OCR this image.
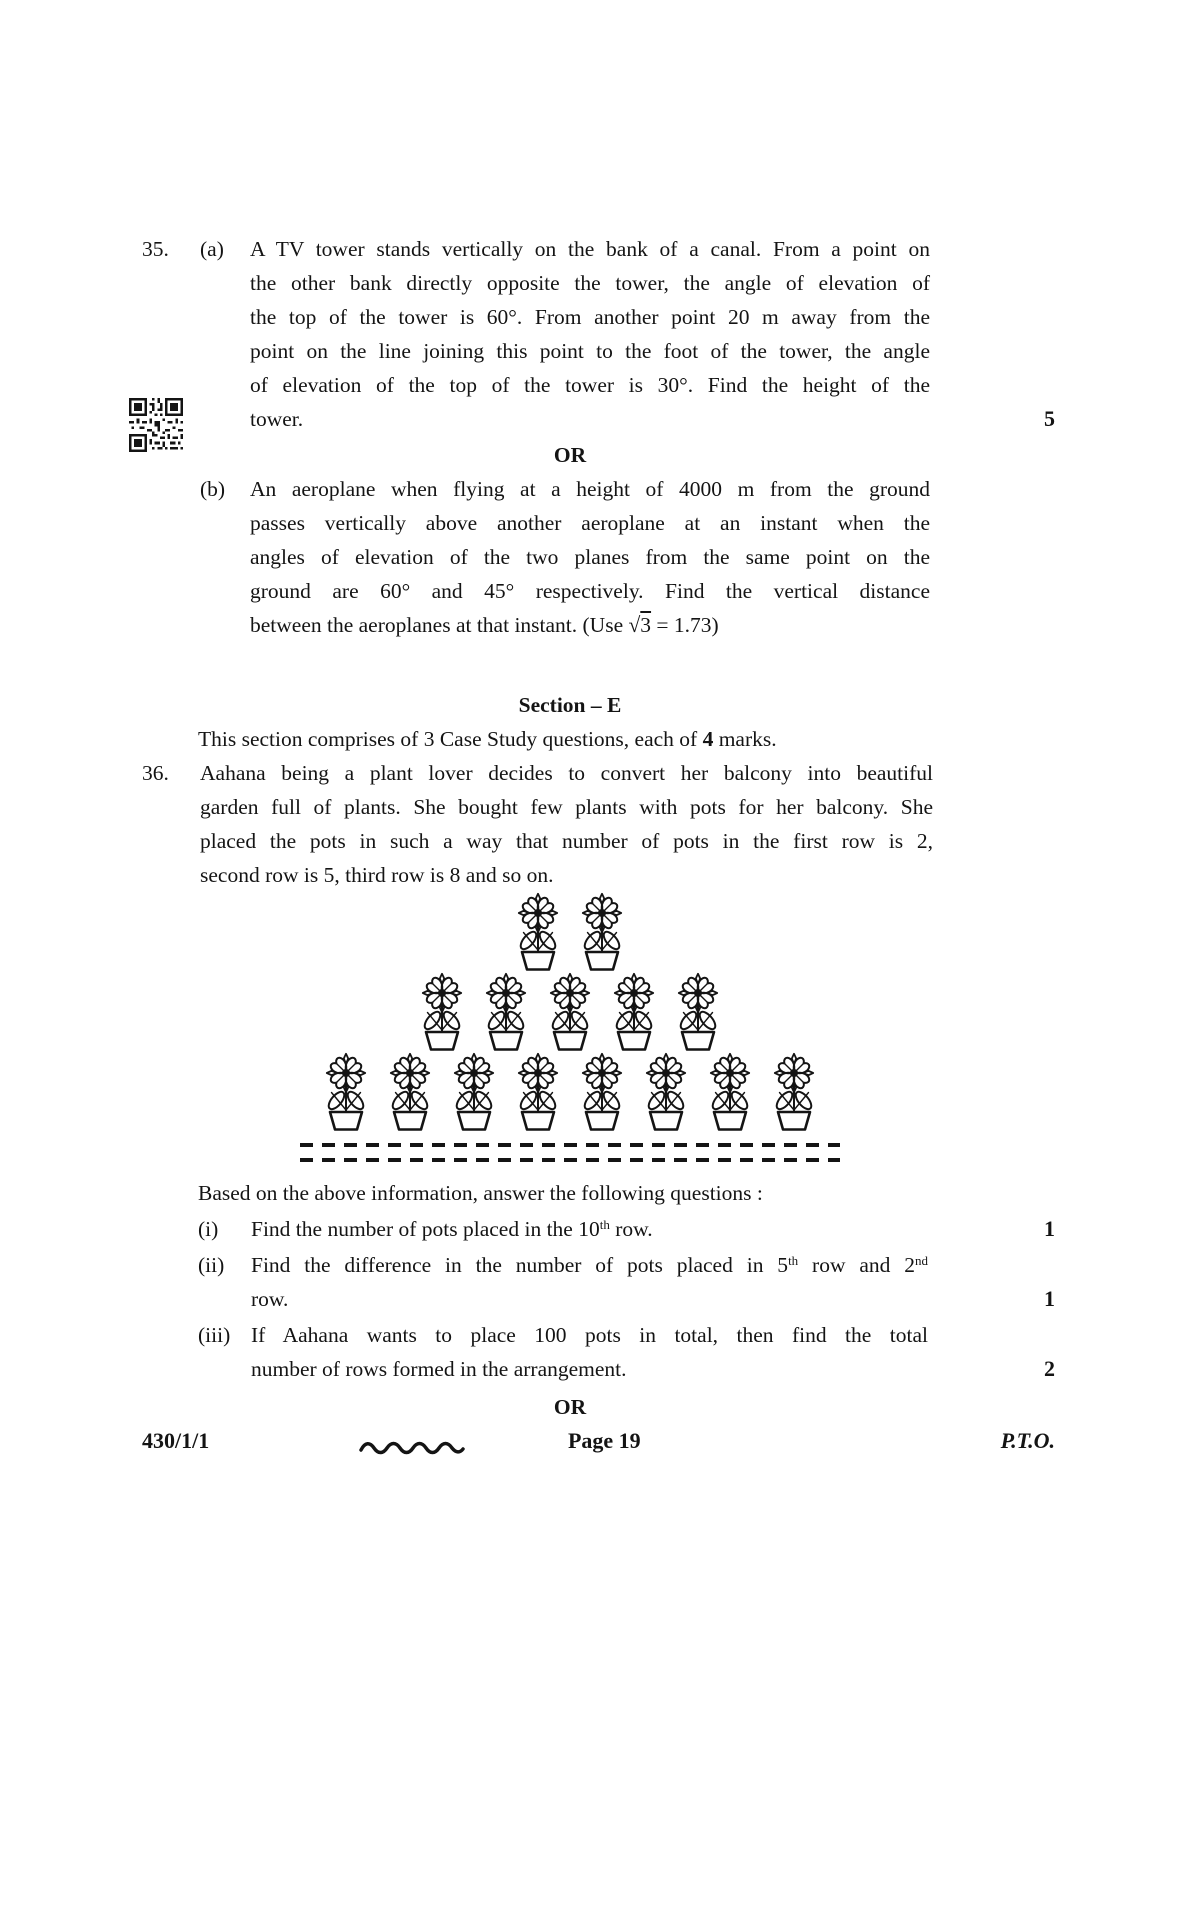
35.	(a)	A TV tower stands vertically on the bank of a canal. From a point on
the other bank directly opposite the tower, the angle of elevation of
the top of the tower is 60°. From another point 20 m away from the
point on the line joining this point to the foot of the tower, the angle
of elevation of the top of the tower is 30°. Find the height of the
tower.	5
OR
(b)	An aeroplane when flying at a height of 4000 m from the ground
passes vertically above another aeroplane at an instant when the
angles of elevation of the two planes from the same point on the
ground are 60° and 45° respectively. Find the vertical distance
between the aeroplanes at that instant. (Use √3 = 1.73)
Section – E
This section comprises of 3 Case Study questions, each of 4 marks.
36.	Aahana being a plant lover decides to convert her balcony into beautiful
garden full of plants. She bought few plants with pots for her balcony. She
placed the pots in such a way that number of pots in the first row is 2,
second row is 5, third row is 8 and so on.
Based on the above information, answer the following questions :
(i)	Find the number of pots placed in the 10th row.	1
(ii)	Find the difference in the number of pots placed in 5th row and 2nd
row.	1
(iii) If Aahana wants to place 100 pots in total, then find the total
number of rows formed in the arrangement.	2
OR
430/1/1	Page 19	P.T.O.
